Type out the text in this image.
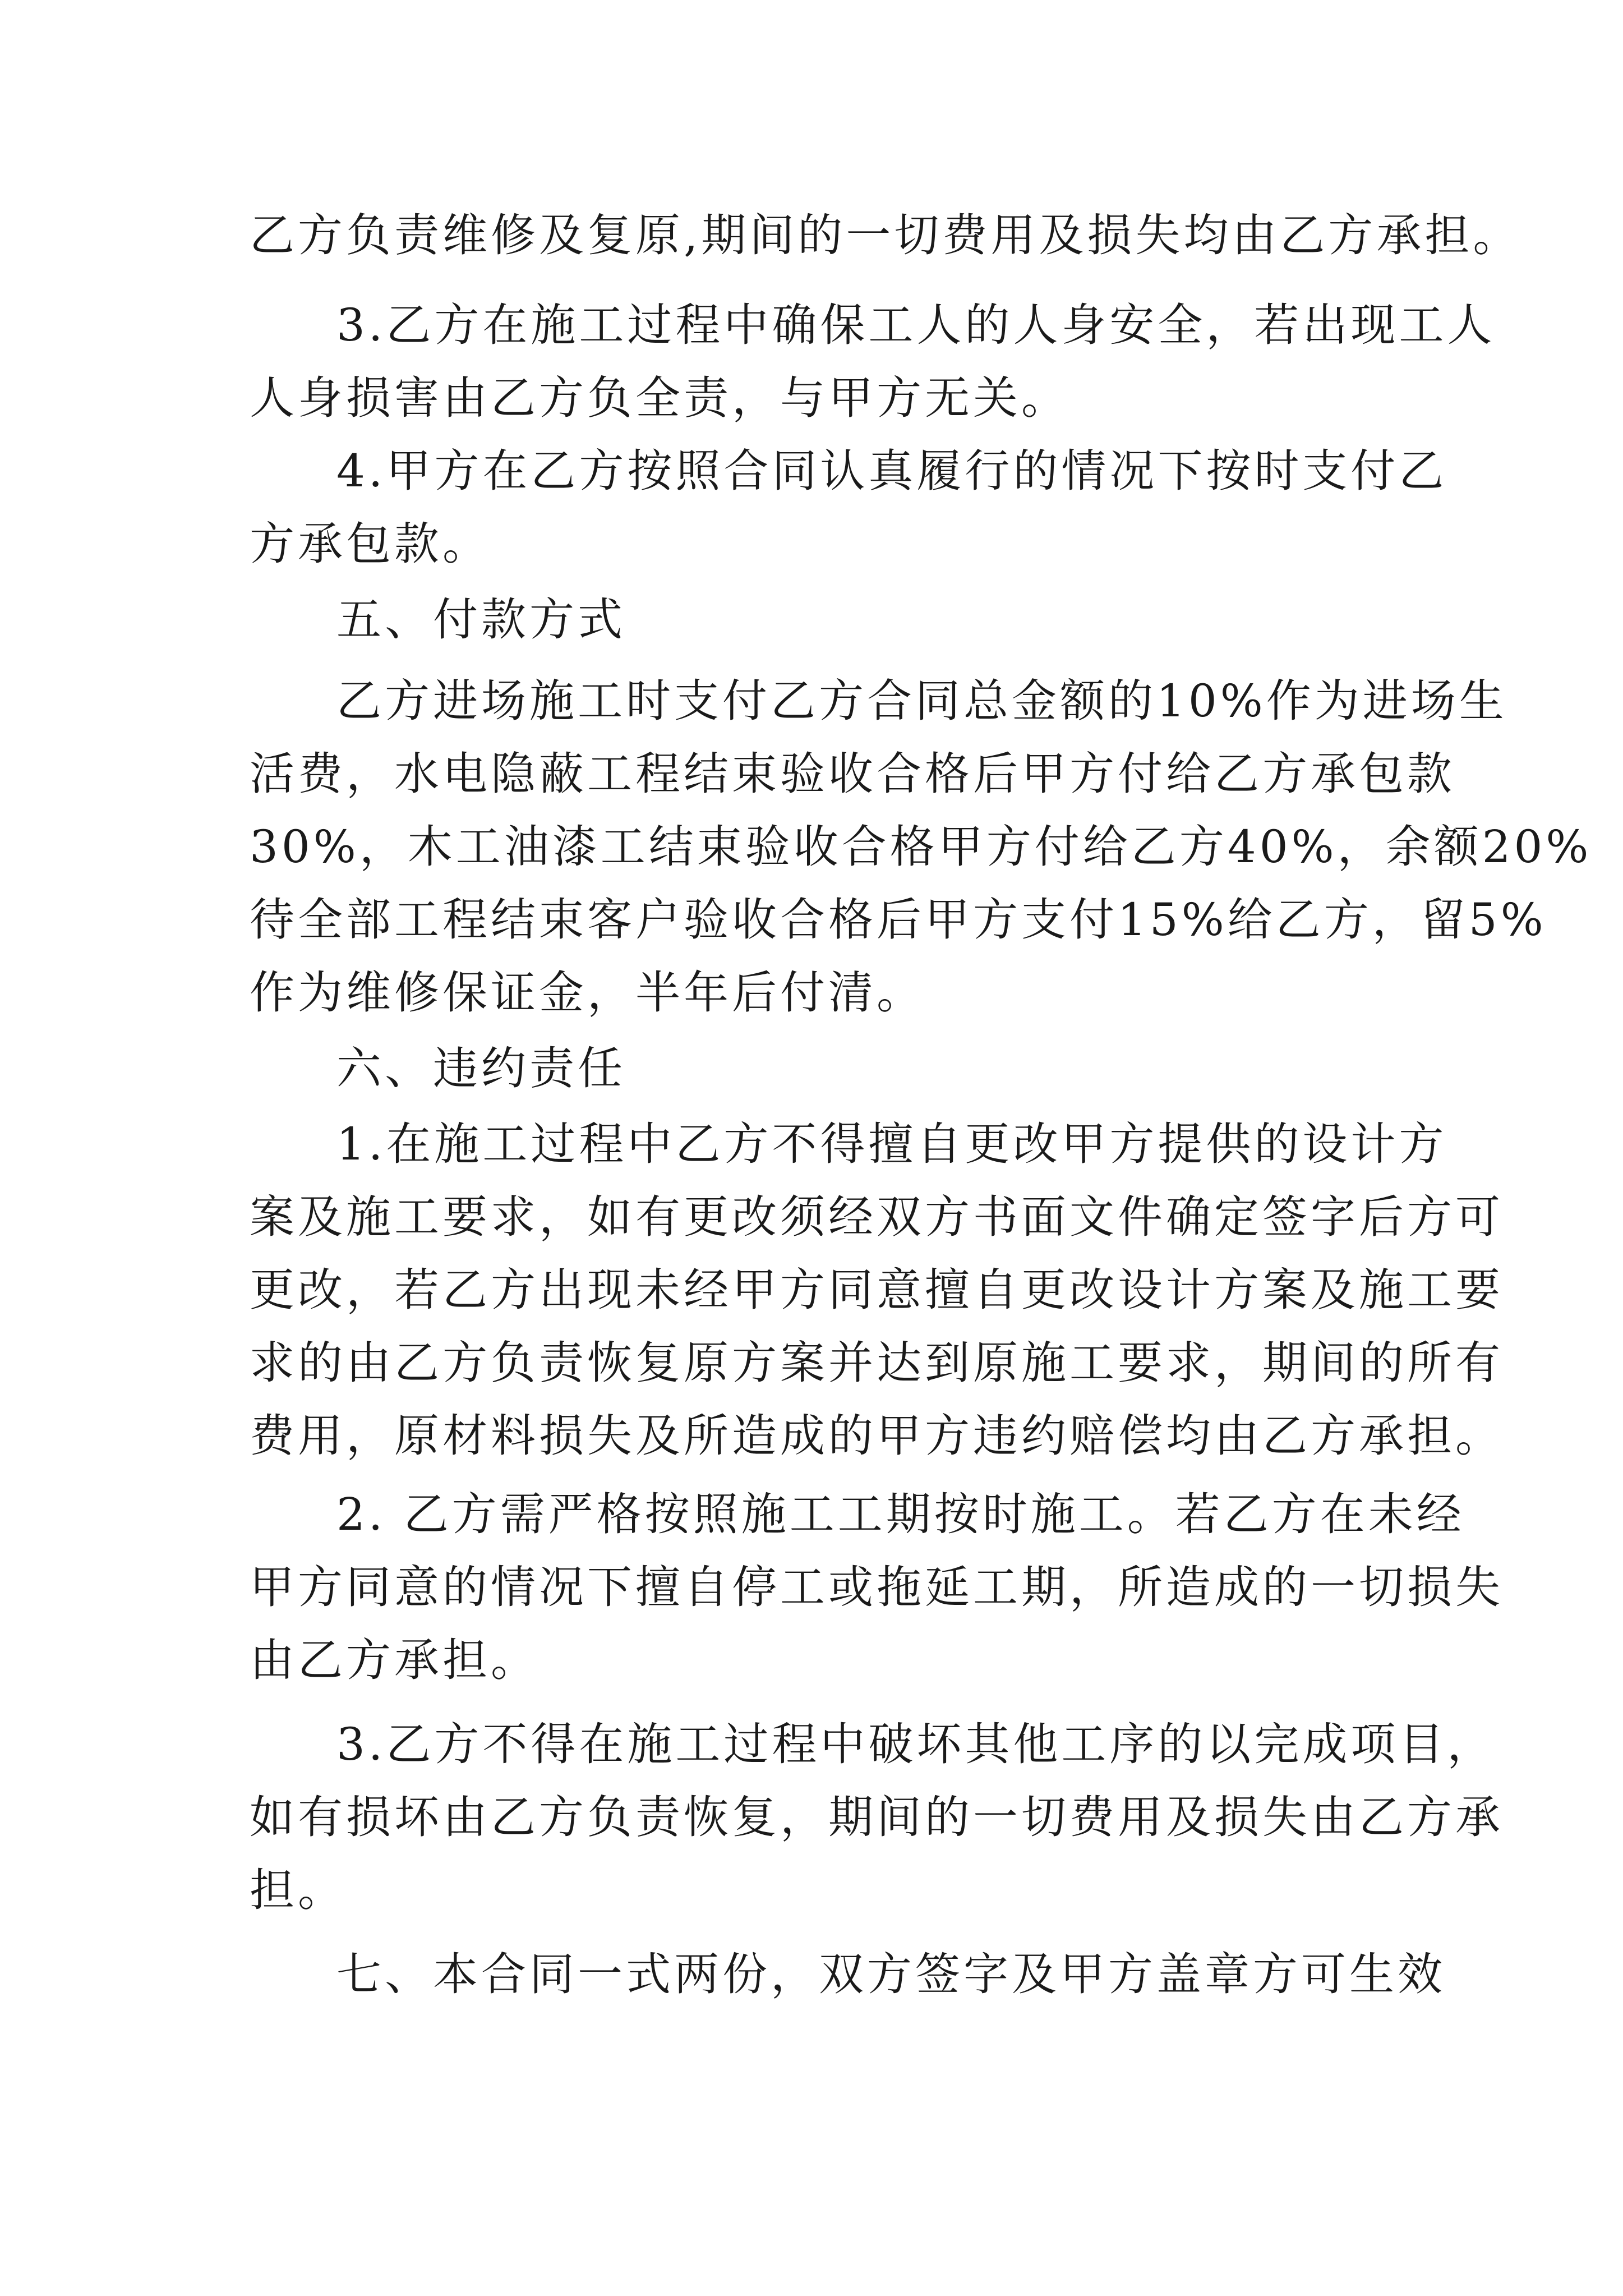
乙方负责维修及复原,期间的一切费用及损失均由乙方承担。
3.乙方在施工过程中确保工人的人身安全，若出现工人
人身损害由乙方负全责，与甲方无关。
4.甲方在乙方按照合同认真履行的情况下按时支付乙
方承包款。
五、付款方式
乙方进场施工时支付乙方合同总金额的10%作为进场生
活费，水电隐蔽工程结束验收合格后甲方付给乙方承包款
30%，木工油漆工结束验收合格甲方付给乙方40%，余额20%
待全部工程结束客户验收合格后甲方支付15%给乙方，留5%
作为维修保证金，半年后付清。
六、违约责任
1.在施工过程中乙方不得擅自更改甲方提供的设计方
案及施工要求，如有更改须经双方书面文件确定签字后方可
更改，若乙方出现未经甲方同意擅自更改设计方案及施工要
求的由乙方负责恢复原方案并达到原施工要求，期间的所有
费用，原材料损失及所造成的甲方违约赔偿均由乙方承担。
2. 乙方需严格按照施工工期按时施工。若乙方在未经
甲方同意的情况下擅自停工或拖延工期，所造成的一切损失
由乙方承担。
3.乙方不得在施工过程中破坏其他工序的以完成项目，
如有损坏由乙方负责恢复，期间的一切费用及损失由乙方承
担。
七、本合同一式两份，双方签字及甲方盖章方可生效
